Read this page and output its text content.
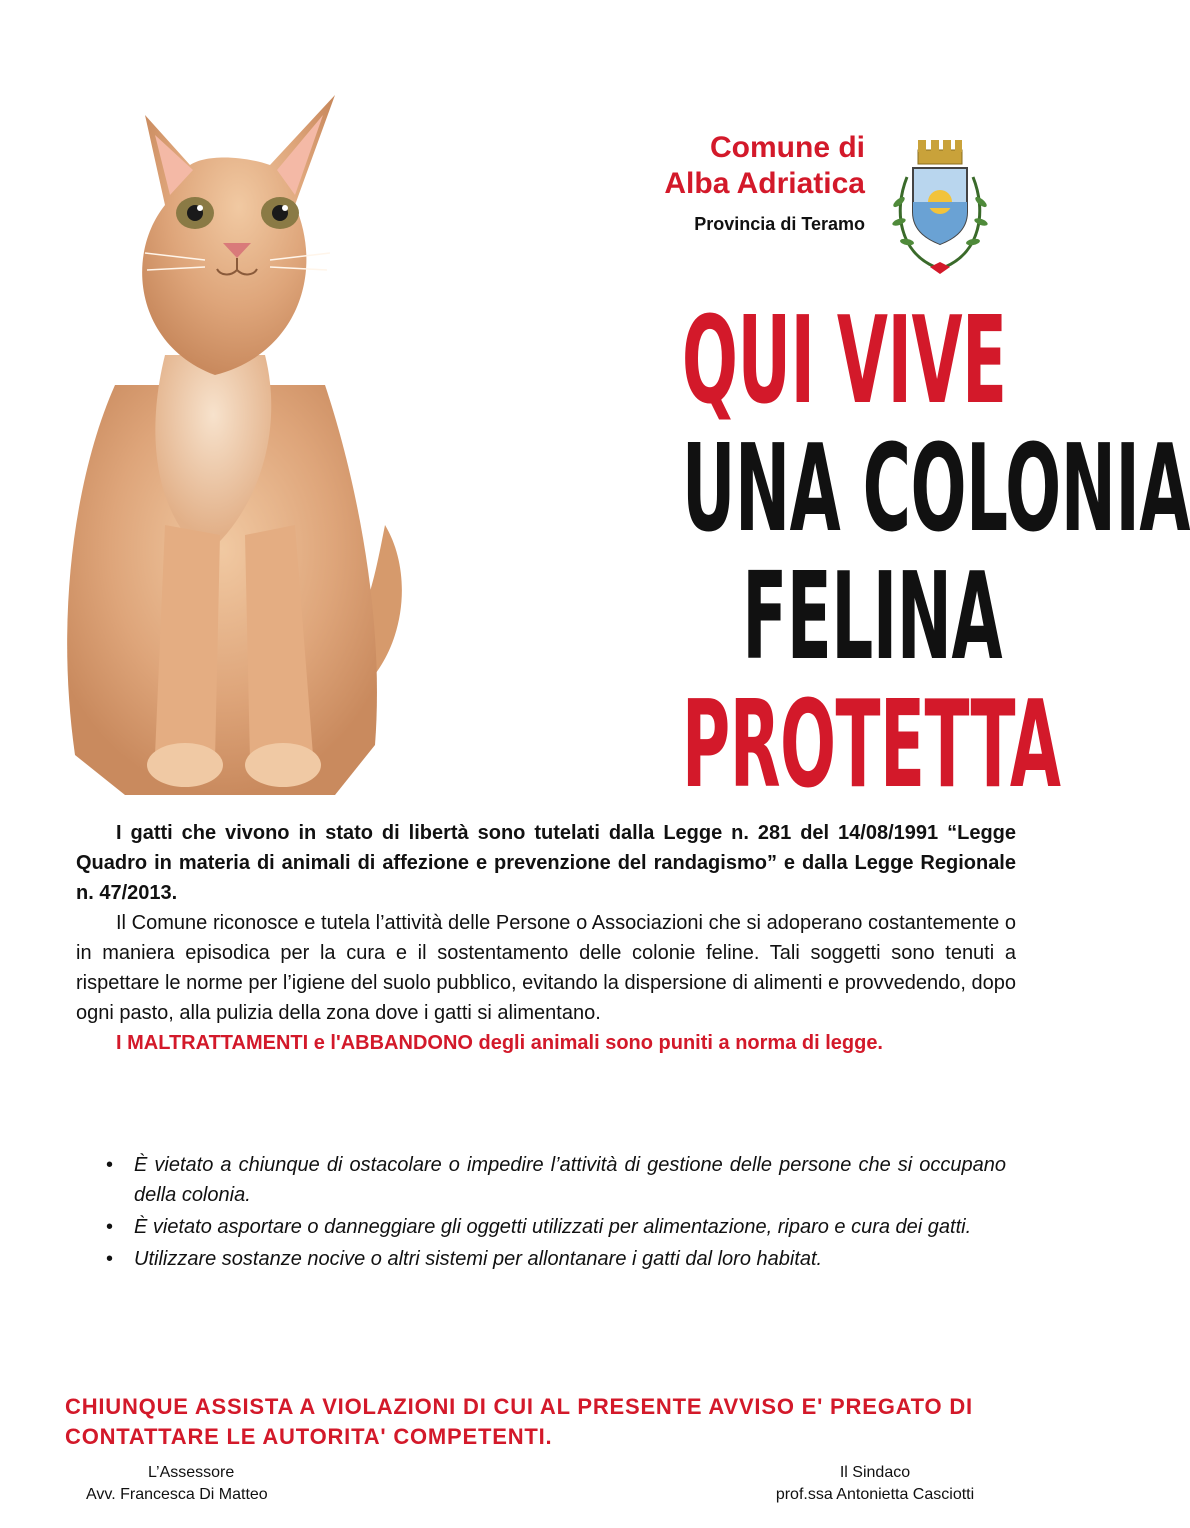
Comune di
Alba Adriatica
Provincia di Teramo
QUI VIVE
UNA COLONIA
FELINA
PROTETTA

I gatti che vivono in stato di libertà sono tutelati dalla Legge n. 281 del 14/08/1991 “Legge Quadro in materia di animali di affezione e prevenzione del randagismo” e dalla Legge Regionale n. 47/2013.

Il Comune riconosce e tutela l’attività delle Persone o Associazioni che si adoperano costantemente o in maniera episodica per la cura e il sostentamento delle colonie feline. Tali soggetti sono tenuti a rispettare le norme per l’igiene del suolo pubblico, evitando la dispersione di alimenti e provvedendo, dopo ogni pasto, alla pulizia della zona dove i gatti si alimentano.

I MALTRATTAMENTI e l'ABBANDONO degli animali sono puniti a norma di legge.

• È vietato a chiunque di ostacolare o impedire l’attività di gestione delle persone che si occupano della colonia.
• È vietato asportare o danneggiare gli oggetti utilizzati per alimentazione, riparo e cura dei gatti.
• Utilizzare sostanze nocive o altri sistemi per allontanare i gatti dal loro habitat.
CHIUNQUE ASSISTA A VIOLAZIONI DI CUI AL PRESENTE AVVISO E' PREGATO DI CONTATTARE LE AUTORITA' COMPETENTI.
L’Assessore
Avv. Francesca Di Matteo
Il Sindaco
prof.ssa Antonietta Casciotti
